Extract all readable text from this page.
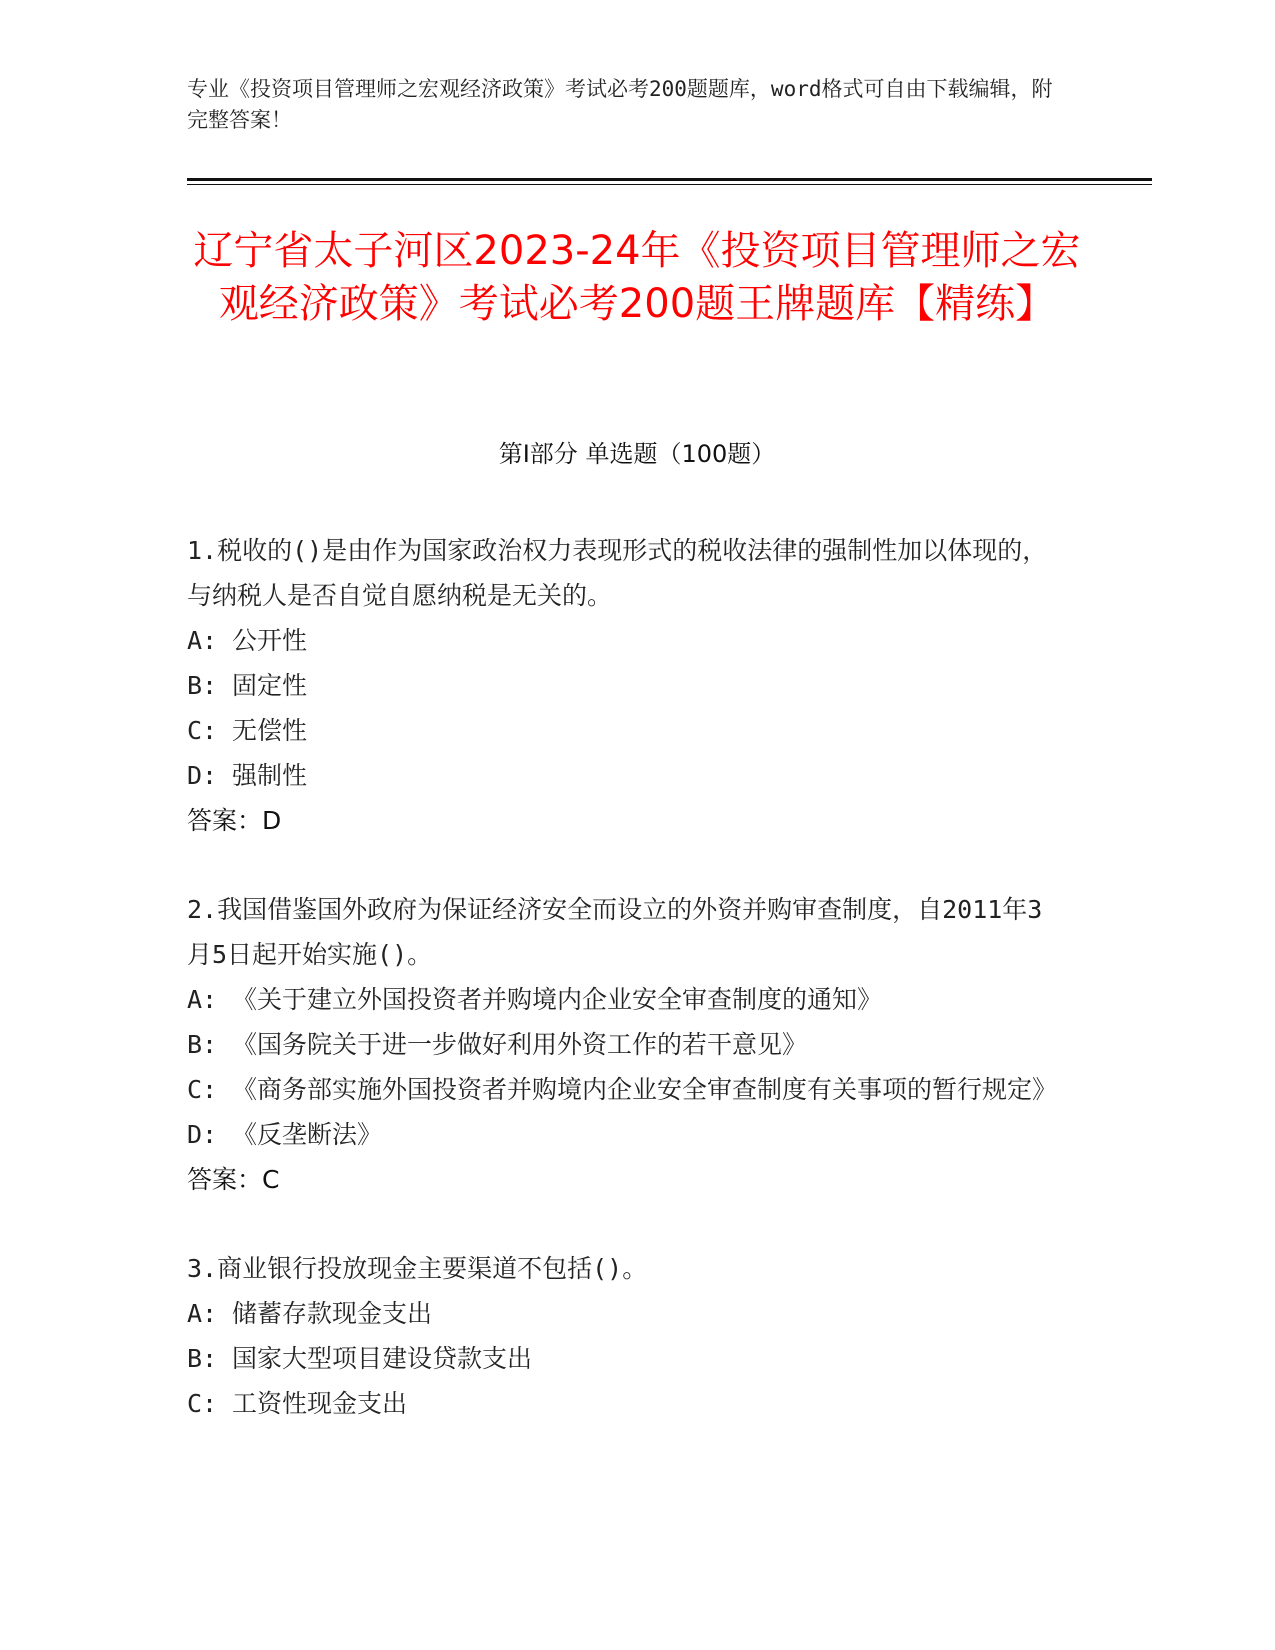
专业《投资项目管理师之宏观经济政策》考试必考200题题库，word格式可自由下载编辑，附完整答案！
辽宁省太子河区2023-24年《投资项目管理师之宏观经济政策》考试必考200题王牌题库【精练】
第Ⅰ部分 单选题（100题）
1.税收的()是由作为国家政治权力表现形式的税收法律的强制性加以体现的，与纳税人是否自觉自愿纳税是无关的。
A: 公开性
B: 固定性
C: 无偿性
D: 强制性
答案：D
2.我国借鉴国外政府为保证经济安全而设立的外资并购审查制度，自2011年3月5日起开始实施()。
A: 《关于建立外国投资者并购境内企业安全审查制度的通知》
B: 《国务院关于进一步做好利用外资工作的若干意见》
C: 《商务部实施外国投资者并购境内企业安全审查制度有关事项的暂行规定》
D: 《反垄断法》
答案：C
3.商业银行投放现金主要渠道不包括()。
A: 储蓄存款现金支出
B: 国家大型项目建设贷款支出
C: 工资性现金支出
